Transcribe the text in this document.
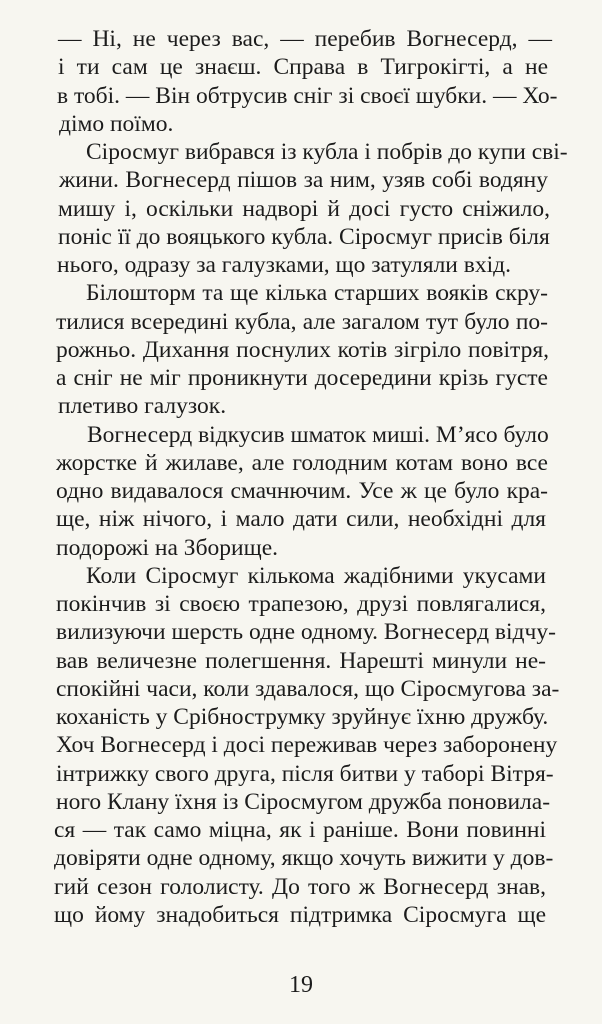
— Ні, не через вас, — перебив Вогнесерд, —
і ти сам це знаєш. Справа в Тигрокігті, а не
в тобі. — Він обтрусив сніг зі своєї шубки. — Хо-
дімо поїмо.
Сіросмуг вибрався із кубла і побрів до купи сві-
жини. Вогнесерд пішов за ним, узяв собі водяну
мишу і, оскільки надворі й досі густо сніжило,
поніс її до вояцького кубла. Сіросмуг присів біля
нього, одразу за галузками, що затуляли вхід.
Білошторм та ще кілька старших вояків скру-
тилися всередині кубла, але загалом тут було по-
рожньо. Дихання поснулих котів зігріло повітря,
а сніг не міг проникнути досередини крізь густе
плетиво галузок.
Вогнесерд відкусив шматок миші. М’ясо було
жорстке й жилаве, але голодним котам воно все
одно видавалося смачнючим. Усе ж це було кра-
ще, ніж нічого, і мало дати сили, необхідні для
подорожі на Зборище.
Коли Сіросмуг кількома жадібними укусами
покінчив зі своєю трапезою, друзі повлягалися,
вилизуючи шерсть одне одному. Вогнесерд відчу-
вав величезне полегшення. Нарешті минули не-
спокійні часи, коли здавалося, що Сіросмугова за-
коханість у Срібнострумку зруйнує їхню дружбу.
Хоч Вогнесерд і досі переживав через заборонену
інтрижку свого друга, після битви у таборі Вітря-
ного Клану їхня із Сіросмугом дружба поновила-
ся — так само міцна, як і раніше. Вони повинні
довіряти одне одному, якщо хочуть вижити у дов-
гий сезон гололисту. До того ж Вогнесерд знав,
що йому знадобиться підтримка Сіросмуга ще
19
